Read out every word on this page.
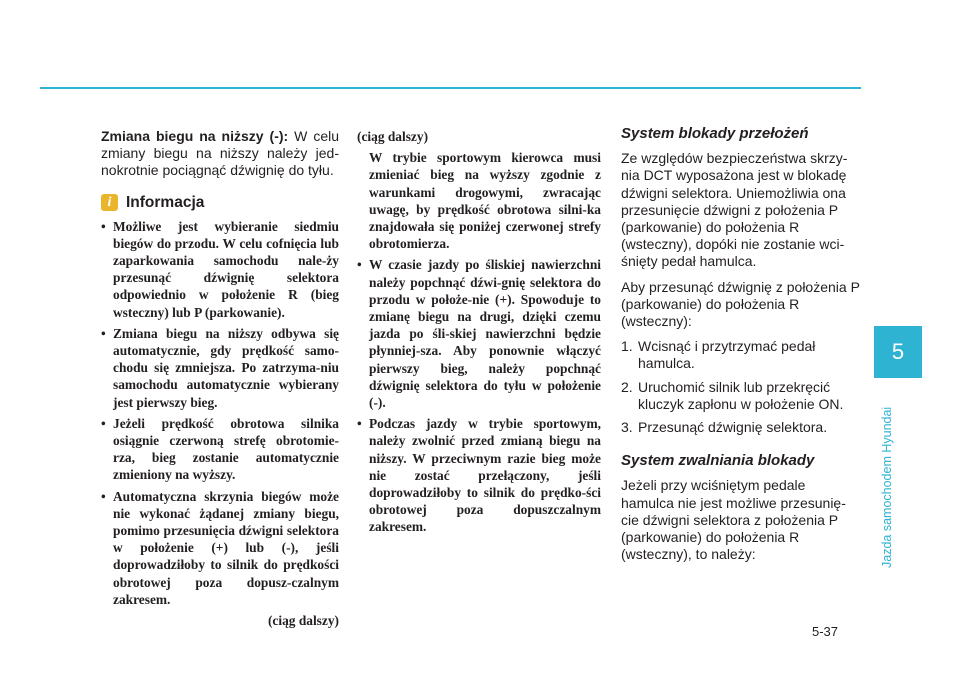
Zmiana biegu na niższy (-): W celu zmiany biegu na niższy należy jed-nokrotnie pociągnąć dźwignię do tyłu.

i Informacja
• Możliwe jest wybieranie siedmiu biegów do przodu. W celu cofnięcia lub zaparkowania samochodu nale-ży przesunąć dźwignię selektora odpowiednio w położenie R (bieg wsteczny) lub P (parkowanie).
• Zmiana biegu na niższy odbywa się automatycznie, gdy prędkość samo-chodu się zmniejsza. Po zatrzyma-niu samochodu automatycznie wybierany jest pierwszy bieg.
• Jeżeli prędkość obrotowa silnika osiągnie czerwoną strefę obrotomie-rza, bieg zostanie automatycznie zmieniony na wyższy.
• Automatyczna skrzynia biegów może nie wykonać żądanej zmiany biegu, pomimo przesunięcia dźwigni selektora w położenie (+) lub (-), jeśli doprowadziłoby to silnik do prędkości obrotowej poza dopusz-czalnym zakresem.

(ciąg dalszy)

(ciąg dalszy)

W trybie sportowym kierowca musi zmieniać bieg na wyższy zgodnie z warunkami drogowymi, zwracając uwagę, by prędkość obrotowa silni-ka znajdowała się poniżej czerwonej strefy obrotomierza.

• W czasie jazdy po śliskiej nawierzchni należy popchnąć dźwi-gnię selektora do przodu w położe-nie (+). Spowoduje to zmianę biegu na drugi, dzięki czemu jazda po śli-skiej nawierzchni będzie płynniej-sza. Aby ponownie włączyć pierwszy bieg, należy popchnąć dźwignię selektora do tyłu w położenie (-).
• Podczas jazdy w trybie sportowym, należy zwolnić przed zmianą biegu na niższy. W przeciwnym razie bieg może nie zostać przełączony, jeśli doprowadziłoby to silnik do prędko-ści obrotowej poza dopuszczalnym zakresem.

System blokady przełożeń

Ze względów bezpieczeństwa skrzy-nia DCT wyposażona jest w blokadę dźwigni selektora. Uniemożliwia ona przesunięcie dźwigni z położenia P (parkowanie) do położenia R (wsteczny), dopóki nie zostanie wci-śnięty pedał hamulca.

Aby przesunąć dźwignię z położenia P (parkowanie) do położenia R (wsteczny):

1. Wcisnąć i przytrzymać pedał hamulca.
2. Uruchomić silnik lub przekręcić kluczyk zapłonu w położenie ON.
3. Przesunąć dźwignię selektora.

System zwalniania blokady

Jeżeli przy wciśniętym pedale hamulca nie jest możliwe przesunię-cie dźwigni selektora z położenia P (parkowanie) do położenia R (wsteczny), to należy:

5
Jazda samochodem Hyundai
5-37
